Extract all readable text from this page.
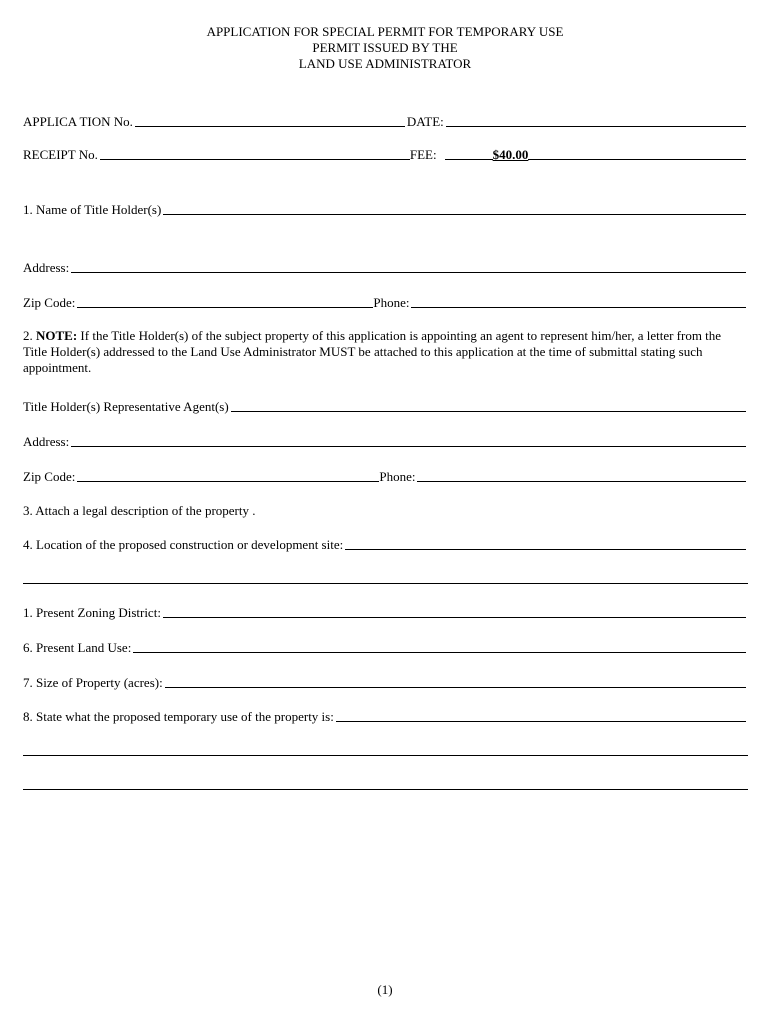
APPLICATION FOR SPECIAL PERMIT FOR TEMPORARY USE
PERMIT ISSUED BY THE
LAND USE ADMINISTRATOR
APPLICA TION No.	DATE:
RECEIPT No.	FEE:	$40.00
1. Name of Title Holder(s)
Address:
Zip Code:	Phone:
2. NOTE: If the Title Holder(s) of the subject property of this application is appointing an agent to represent him/her, a letter from the Title Holder(s) addressed to the Land Use Administrator MUST be attached to this application at the time of submittal stating such appointment.
Title Holder(s) Representative Agent(s)
Address:
Zip Code:	Phone:
3. Attach a legal description of the property .
4. Location of the proposed construction or development site:
1. Present Zoning District:
6. Present Land Use:
7. Size of Property (acres):
8. State what the proposed temporary use of the property is:
(1)
